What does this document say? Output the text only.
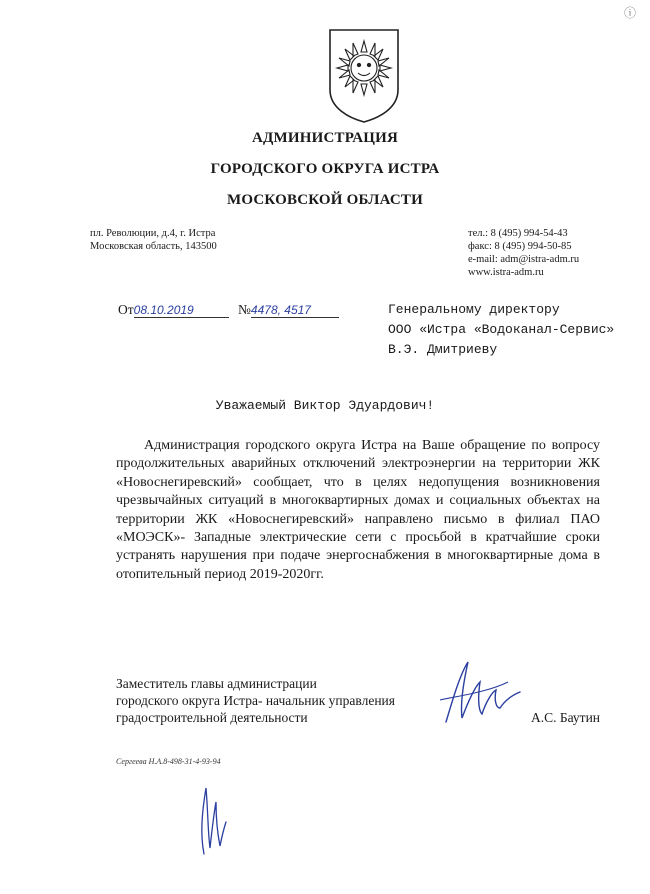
ⓘ
АДМИНИСТРАЦИЯ
ГОРОДСКОГО ОКРУГА ИСТРА
МОСКОВСКОЙ ОБЛАСТИ
пл. Революции, д.4, г. Истра
Московская область, 143500
тел.: 8 (495) 994-54-43
факс: 8 (495) 994-50-85
e-mail: adm@istra-adm.ru
www.istra-adm.ru
От08.10.2019	№4478, 4517	Генеральному директору
ООО «Истра «Водоканал-Сервис»
В.Э. Дмитриеву
Уважаемый Виктор Эдуардович!

Администрация городского округа Истра на Ваше обращение по вопросу продолжительных аварийных отключений электроэнергии на территории ЖК «Новоснегиревский» сообщает, что в целях недопущения возникновения чрезвычайных ситуаций в многоквартирных домах и социальных объектах на территории ЖК «Новоснегиревский» направлено письмо в филиал ПАО «МОЭСК»- Западные электрические сети с просьбой в кратчайшие сроки устранять нарушения при подаче энергоснабжения в многоквартирные дома в отопительный период 2019-2020гг.

Заместитель главы администрации
городского округа Истра- начальник управления
градостроительной деятельности	А.С. Баутин
Сергеева Н.А.8-498-31-4-93-94
